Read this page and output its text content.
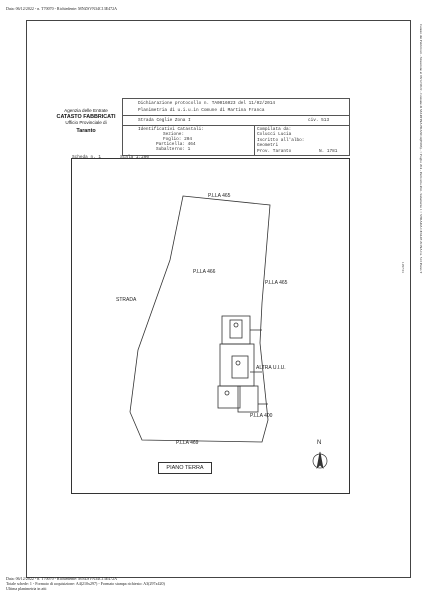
Data: 06/12/2022 - n. T70070 - Richiedente: MNZSVN34C13E472A
Agenzia delle Entrate
CATASTO FABBRICATI
Ufficio Provinciale di
Taranto
Dichiarazione protocollo n. TA0016023 del 11/02/2014
Planimetria di u.i.u.in Comune di Martina Franca
Strada Ceglie Zona I	civ. 513
Identificativi Catastali:
Sezione:
Foglio: 204
Particella: 464
Subalterno: 1
Compilata da:
Colucci Lucia
Iscritto all'albo:
Geometri
Prov. Taranto	N. 1781
Scheda n. 1	Scala 1:200
P.LLA 465
P.LLA 466
P.LLA 465
STRADA
ALTRA U.I.U.
P.LLA 400
P.LLA 469
PIANO TERRA
N
Data: 06/12/2022 - n. T70070 - Richiedente: MNZSVN34C13E472A
Totale schede: 1 - Formato di acquisizione: A4(210x297) - Formato stampa richiesto: A3(297x420)
Ultima planimetria in atti
Catasto dei Fabbricati - Situazione al 06/12/2022 - Comune di MARTINA FRANCA(E986) - < Foglio 204 - Particella 464 - Subalterno 1 > STRADA CEGLIE ZONA I n. 513 Piano T
1297 01
